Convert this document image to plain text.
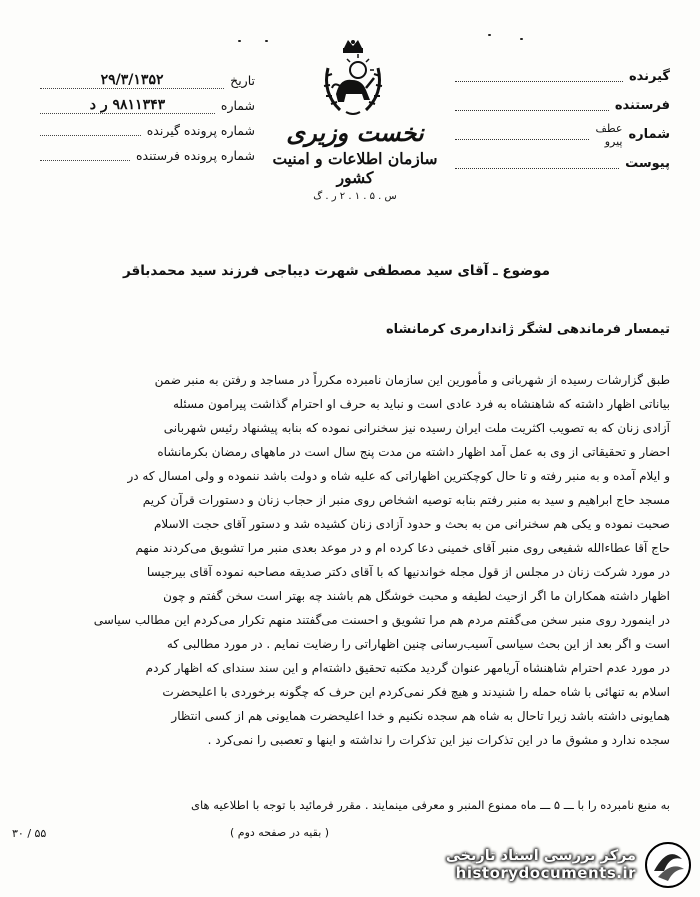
نخست وزیری
سازمان اطلاعات و امنیت کشور
س . ۵ . ۱ . ۲ ر . گ
گیرنده
فرستنده
شماره
عطف
پیرو
پیوست
تاریخ
۲۹/۳/۱۳۵۲
شماره
۹۸۱۱۳۴۳ ر د
شماره پرونده گیرنده
شماره پرونده فرستنده
موضوع ـ آقای سید مصطفی شهرت دیباجی فرزند سید محمدباقر
تیمسار فرماندهی لشگر ژاندارمری کرمانشاه

طبق گزارشات رسیده از شهربانی و مأمورین این سازمان نامبرده مکرراً در مساجد و رفتن به منبر ضمن

بیاناتی اظهار داشته که شاهنشاه به فرد عادی است و نباید به حرف او احترام گذاشت پیرامون مسئله

آزادی زنان که به تصویب اکثریت ملت ایران رسیده نیز سخنرانی نموده که بنابه پیشنهاد رئیس شهربانی

احضار و تحقیقاتی از وی به عمل آمد اظهار داشته من مدت پنج سال است در ماههای رمضان بکرمانشاه

و ایلام آمده و به منبر رفته و تا حال کوچکترین اظهاراتی که علیه شاه و دولت باشد ننموده و ولی امسال که در

مسجد حاج ابراهیم و سید به منبر رفتم بنابه توصیه اشخاص روی منبر از حجاب زنان و دستورات قرآن کریم

صحبت نموده و یکی هم سخنرانی من به بحث و حدود آزادی زنان کشیده شد و دستور آقای حجت الاسلام

حاج آقا عطاءالله شفیعی روی منبر آقای خمینی دعا کرده ام و در موعد بعدی منبر مرا تشویق می‌کردند منهم

در مورد شرکت زنان در مجلس از قول مجله خواندنیها که با آقای دکتر صدیقه مصاحبه نموده آقای بیرجیسا

اظهار داشته همکاران ما اگر ازحیث لطیفه و محبت خوشگل هم باشند چه بهتر است سخن گفتم و چون

در اینمورد روی منبر سخن می‌گفتم مردم هم مرا تشویق و احسنت می‌گفتند منهم تکرار می‌کردم این مطالب سیاسی

است و اگر بعد از این بحث سیاسی آسیب‌رسانی چنین اظهاراتی را رضایت نمایم . در مورد مطالبی که

در مورد عدم احترام شاهنشاه آریامهر عنوان گردید مکتبه تحقیق داشته‌ام و این سند سند‌ای که اظهار کردم

اسلام به تنهائی با شاه حمله را شنیدند و هیچ فکر نمی‌کردم این حرف که چگونه برخوردی با اعلیحضرت

همایونی داشته باشد زیرا تاحال به شاه هم سجده نکنیم و خدا اعلیحضرت همایونی هم از کسی انتظار

سجده ندارد و مشوق ما در این تذکرات نیز این تذکرات را نداشته و اینها و تعصبی را نمی‌کرد .

به منبع نامبرده را با ـــ ۵ ـــ ماه ممنوع المنبر و معرفی مینمایند . مقرر فرمائید با توجه با اطلاعیه های
( بقیه در صفحه دوم )
۳۰ / ۵۵
مرکز بررسی اسناد تاریخی
historydocuments.ir
